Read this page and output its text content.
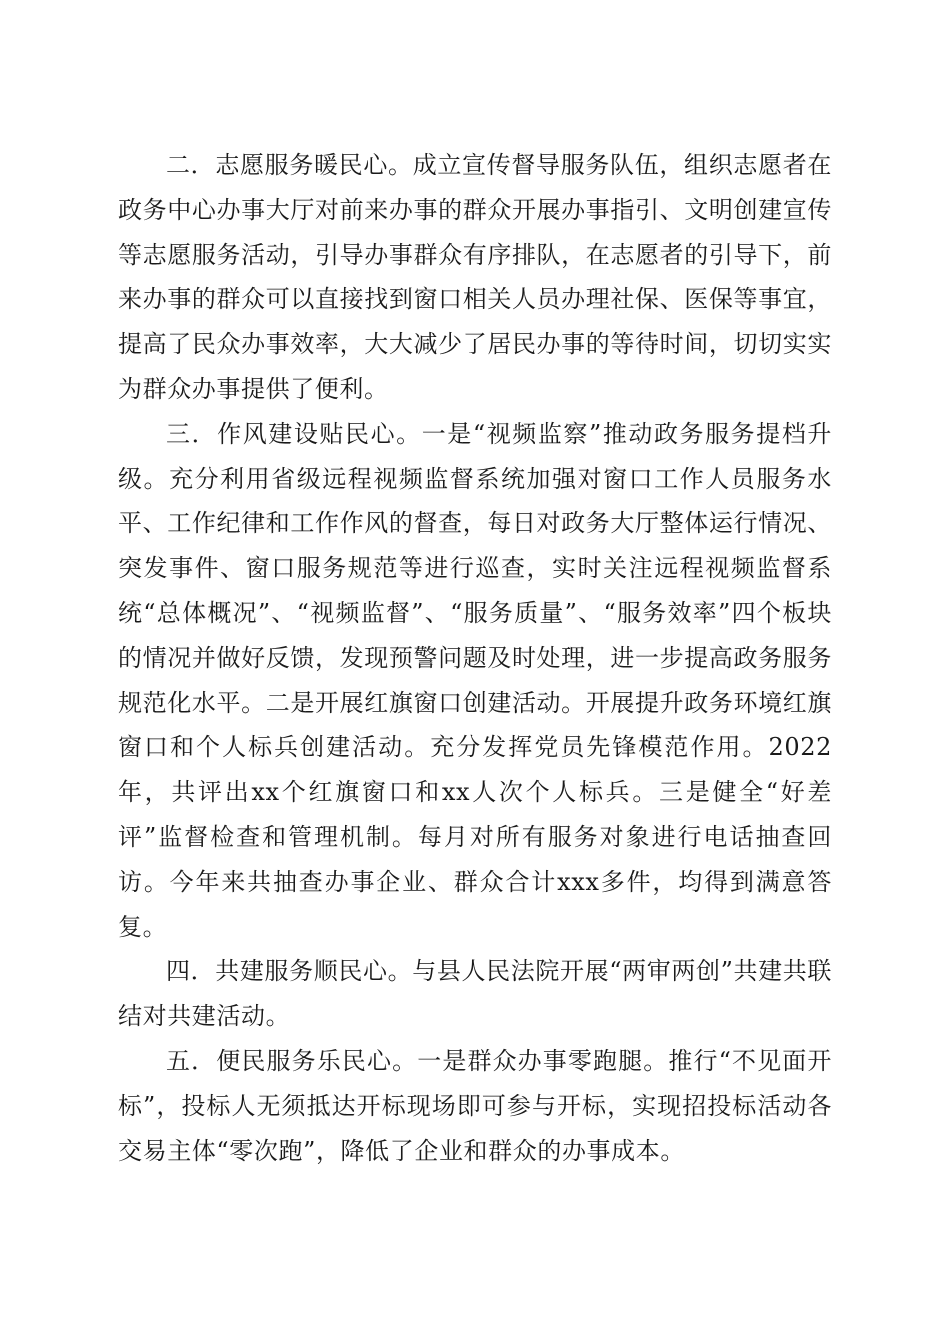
二．志愿服务暖民心。成立宣传督导服务队伍，组织志愿者在政务中心办事大厅对前来办事的群众开展办事指引、文明创建宣传等志愿服务活动，引导办事群众有序排队，在志愿者的引导下，前来办事的群众可以直接找到窗口相关人员办理社保、医保等事宜，提高了民众办事效率，大大减少了居民办事的等待时间，切切实实为群众办事提供了便利。

三．作风建设贴民心。一是“视频监察”推动政务服务提档升级。充分利用省级远程视频监督系统加强对窗口工作人员服务水平、工作纪律和工作作风的督查，每日对政务大厅整体运行情况、突发事件、窗口服务规范等进行巡查，实时关注远程视频监督系统“总体概况”、“视频监督”、“服务质量”、“服务效率”四个板块的情况并做好反馈，发现预警问题及时处理，进一步提高政务服务规范化水平。二是开展红旗窗口创建活动。开展提升政务环境红旗窗口和个人标兵创建活动。充分发挥党员先锋模范作用。2022年，共评出xx个红旗窗口和xx人次个人标兵。三是健全“好差评”监督检查和管理机制。每月对所有服务对象进行电话抽查回访。今年来共抽查办事企业、群众合计xxx多件，均得到满意答复。

四．共建服务顺民心。与县人民法院开展“两审两创”共建共联结对共建活动。

五．便民服务乐民心。一是群众办事零跑腿。推行“不见面开标”，投标人无须抵达开标现场即可参与开标，实现招投标活动各交易主体“零次跑”，降低了企业和群众的办事成本。
